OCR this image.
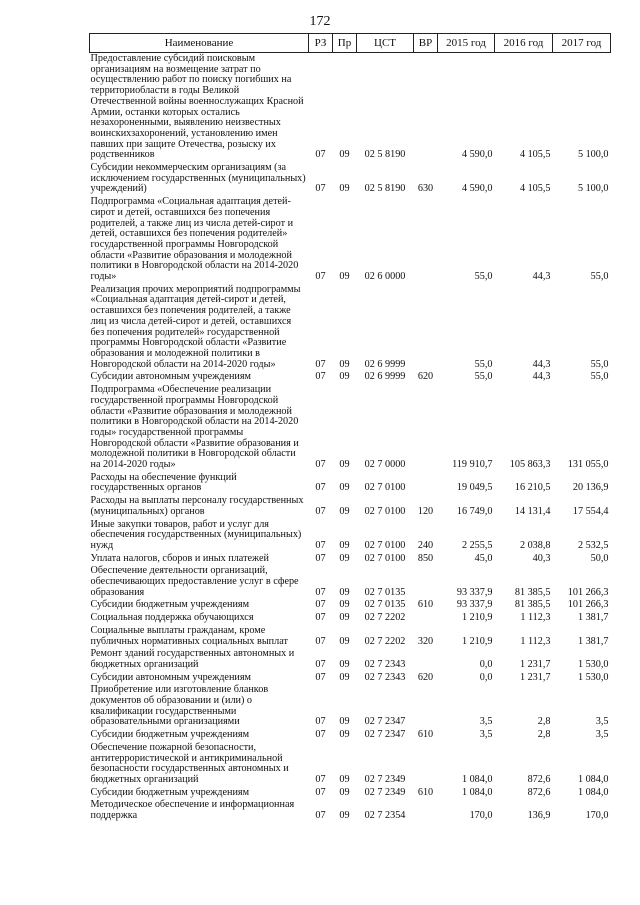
172
Наименование	РЗ	Пр	ЦСТ	ВР	2015 год	2016 год	2017 год
Предоставление субсидий поисковым организациям на возмещение затрат по осуществлению работ по поиску погибших на территориобласти в годы Великой Отечественной войны военнослужащих Красной Армии, останки которых остались незахороненными, выявлению неизвестных воинскихзахоронений, установлению имен павших при защите Отечества, розыску их родственников	07	09	02 5 8190		4 590,0	4 105,5	5 100,0
Субсидии некоммерческим организациям (за исключением государственных (муниципальных) учреждений)	07	09	02 5 8190	630	4 590,0	4 105,5	5 100,0
Подпрограмма «Социальная адаптация детей-сирот и детей, оставшихся без попечения родителей, а также лиц из числа детей-сирот и детей, оставшихся без попечения родителей» государственной программы Новгородской области «Развитие образования и молодежной политики в Новгородской области на 2014-2020 годы»	07	09	02 6 0000		55,0	44,3	55,0
Реализация прочих мероприятий подпрограммы «Социальная адаптация детей-сирот и детей, оставшихся без попечения родителей, а также лиц из числа детей-сирот и детей, оставшихся без попечения родителей» государственной программы Новгородской области «Развитие образования и молодежной политики в Новгородской области на 2014-2020 годы»	07	09	02 6 9999		55,0	44,3	55,0
Субсидии автономным учреждениям	07	09	02 6 9999	620	55,0	44,3	55,0
Подпрограмма «Обеспечение реализации государственной программы Новгородской области «Развитие образования и молодежной политики в Новгородской области на 2014-2020 годы» государственной программы Новгородской области «Развитие образования и молодежной политики в Новгородской области на 2014-2020 годы»	07	09	02 7 0000		119 910,7	105 863,3	131 055,0
Расходы на обеспечение функций государственных органов	07	09	02 7 0100		19 049,5	16 210,5	20 136,9
Расходы на выплаты персоналу государственных (муниципальных) органов	07	09	02 7 0100	120	16 749,0	14 131,4	17 554,4
Иные закупки товаров, работ и услуг для обеспечения государственных (муниципальных) нужд	07	09	02 7 0100	240	2 255,5	2 038,8	2 532,5
Уплата налогов, сборов и иных платежей	07	09	02 7 0100	850	45,0	40,3	50,0
Обеспечение деятельности организаций, обеспечивающих предоставление услуг в сфере образования	07	09	02 7 0135		93 337,9	81 385,5	101 266,3
Субсидии бюджетным учреждениям	07	09	02 7 0135	610	93 337,9	81 385,5	101 266,3
Социальная поддержка обучающихся	07	09	02 7 2202		1 210,9	1 112,3	1 381,7
Социальные выплаты гражданам, кроме публичных нормативных социальных выплат	07	09	02 7 2202	320	1 210,9	1 112,3	1 381,7
Ремонт зданий государственных автономных и бюджетных организаций	07	09	02 7 2343		0,0	1 231,7	1 530,0
Субсидии автономным учреждениям	07	09	02 7 2343	620	0,0	1 231,7	1 530,0
Приобретение или изготовление бланков документов об образовании и (или) о квалификации государственными образовательными организациями	07	09	02 7 2347		3,5	2,8	3,5
Субсидии бюджетным учреждениям	07	09	02 7 2347	610	3,5	2,8	3,5
Обеспечение пожарной безопасности, антитеррористической и антикриминальной безопасности государственных автономных и бюджетных организаций	07	09	02 7 2349		1 084,0	872,6	1 084,0
Субсидии бюджетным учреждениям	07	09	02 7 2349	610	1 084,0	872,6	1 084,0
Методическое обеспечение и информационная поддержка	07	09	02 7 2354		170,0	136,9	170,0
